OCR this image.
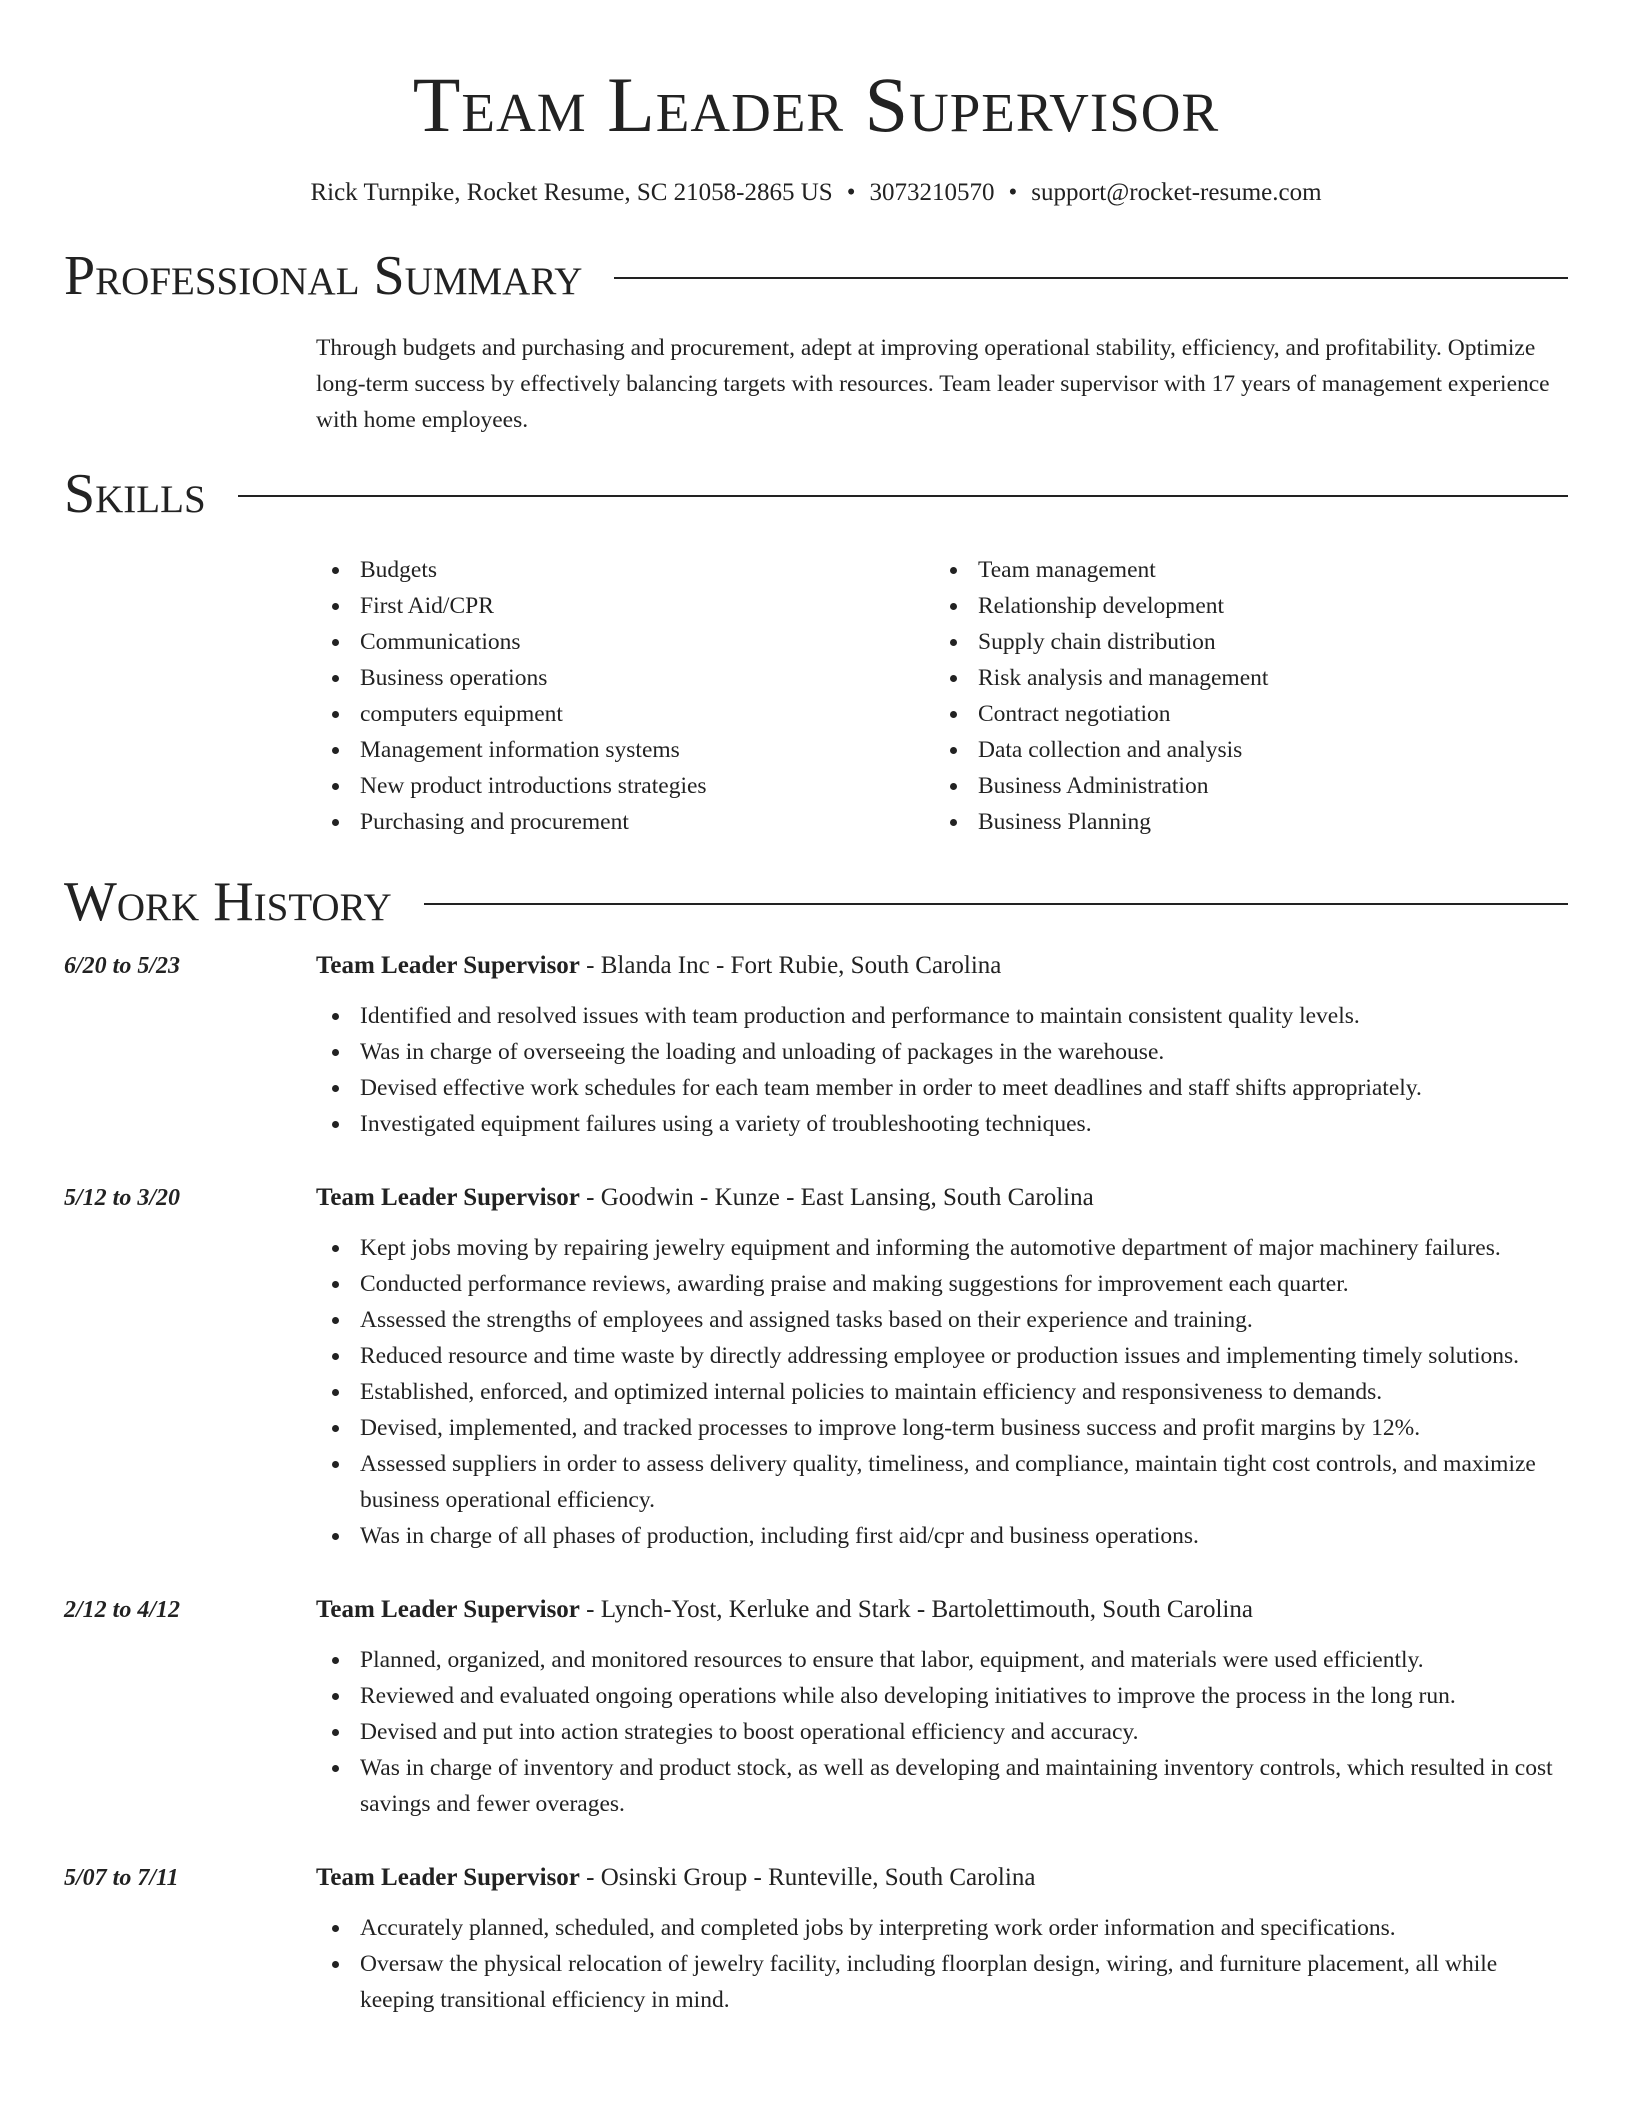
Team Leader Supervisor
Rick Turnpike, Rocket Resume, SC 21058-2865 US • 3073210570 • support@rocket-resume.com
Professional Summary
Through budgets and purchasing and procurement, adept at improving operational stability, efficiency, and profitability. Optimize long-term success by effectively balancing targets with resources. Team leader supervisor with 17 years of management experience with home employees.
Skills
Budgets
First Aid/CPR
Communications
Business operations
computers equipment
Management information systems
New product introductions strategies
Purchasing and procurement
Team management
Relationship development
Supply chain distribution
Risk analysis and management
Contract negotiation
Data collection and analysis
Business Administration
Business Planning
Work History
6/20 to 5/23	Team Leader Supervisor - Blanda Inc - Fort Rubie, South Carolina
Identified and resolved issues with team production and performance to maintain consistent quality levels.
Was in charge of overseeing the loading and unloading of packages in the warehouse.
Devised effective work schedules for each team member in order to meet deadlines and staff shifts appropriately.
Investigated equipment failures using a variety of troubleshooting techniques.
5/12 to 3/20	Team Leader Supervisor - Goodwin - Kunze - East Lansing, South Carolina
Kept jobs moving by repairing jewelry equipment and informing the automotive department of major machinery failures.
Conducted performance reviews, awarding praise and making suggestions for improvement each quarter.
Assessed the strengths of employees and assigned tasks based on their experience and training.
Reduced resource and time waste by directly addressing employee or production issues and implementing timely solutions.
Established, enforced, and optimized internal policies to maintain efficiency and responsiveness to demands.
Devised, implemented, and tracked processes to improve long-term business success and profit margins by 12%.
Assessed suppliers in order to assess delivery quality, timeliness, and compliance, maintain tight cost controls, and maximize business operational efficiency.
Was in charge of all phases of production, including first aid/cpr and business operations.
2/12 to 4/12	Team Leader Supervisor - Lynch-Yost, Kerluke and Stark - Bartolettimouth, South Carolina
Planned, organized, and monitored resources to ensure that labor, equipment, and materials were used efficiently.
Reviewed and evaluated ongoing operations while also developing initiatives to improve the process in the long run.
Devised and put into action strategies to boost operational efficiency and accuracy.
Was in charge of inventory and product stock, as well as developing and maintaining inventory controls, which resulted in cost savings and fewer overages.
5/07 to 7/11	Team Leader Supervisor - Osinski Group - Runteville, South Carolina
Accurately planned, scheduled, and completed jobs by interpreting work order information and specifications.
Oversaw the physical relocation of jewelry facility, including floorplan design, wiring, and furniture placement, all while keeping transitional efficiency in mind.
